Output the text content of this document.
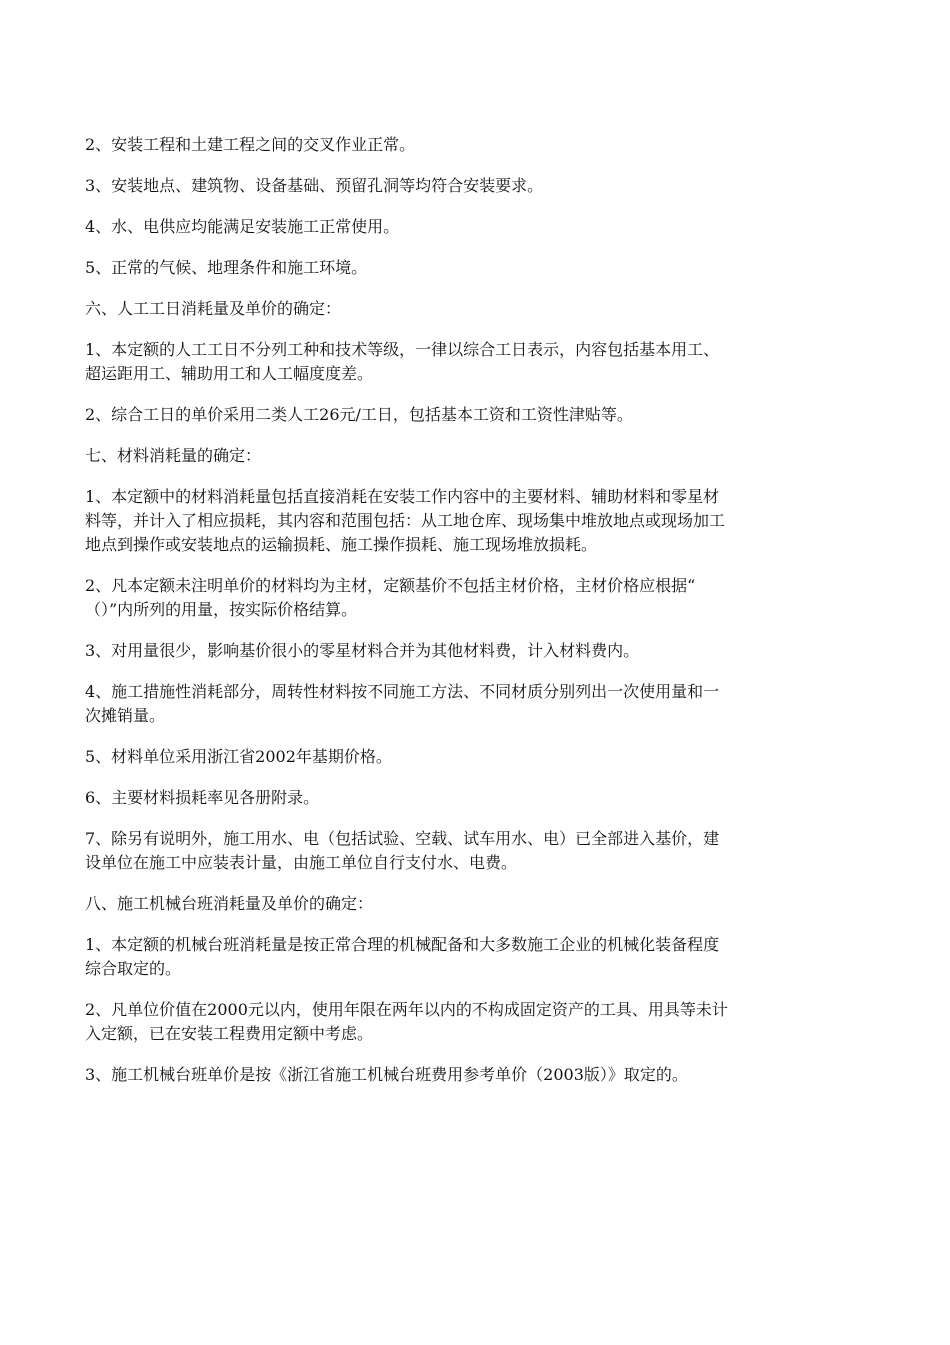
2、安装工程和土建工程之间的交叉作业正常。

3、安装地点、建筑物、设备基础、预留孔洞等均符合安装要求。

4、水、电供应均能满足安装施工正常使用。

5、正常的气候、地理条件和施工环境。

六、人工工日消耗量及单价的确定：

1、本定额的人工工日不分列工种和技术等级，一律以综合工日表示，内容包括基本用工、
超运距用工、辅助用工和人工幅度度差。

2、综合工日的单价采用二类人工26元/工日，包括基本工资和工资性津贴等。

七、材料消耗量的确定：

1、本定额中的材料消耗量包括直接消耗在安装工作内容中的主要材料、辅助材料和零星材
料等，并计入了相应损耗，其内容和范围包括：从工地仓库、现场集中堆放地点或现场加工
地点到操作或安装地点的运输损耗、施工操作损耗、施工现场堆放损耗。

2、凡本定额未注明单价的材料均为主材，定额基价不包括主材价格，主材价格应根据“
（）”内所列的用量，按实际价格结算。

3、对用量很少，影响基价很小的零星材料合并为其他材料费，计入材料费内。

4、施工措施性消耗部分，周转性材料按不同施工方法、不同材质分别列出一次使用量和一
次摊销量。

5、材料单位采用浙江省2002年基期价格。

6、主要材料损耗率见各册附录。

7、除另有说明外，施工用水、电（包括试验、空载、试车用水、电）已全部进入基价，建
设单位在施工中应装表计量，由施工单位自行支付水、电费。

八、施工机械台班消耗量及单价的确定：

1、本定额的机械台班消耗量是按正常合理的机械配备和大多数施工企业的机械化装备程度
综合取定的。

2、凡单位价值在2000元以内，使用年限在两年以内的不构成固定资产的工具、用具等未计
入定额，已在安装工程费用定额中考虑。

3、施工机械台班单价是按《浙江省施工机械台班费用参考单价（2003版）》取定的。
